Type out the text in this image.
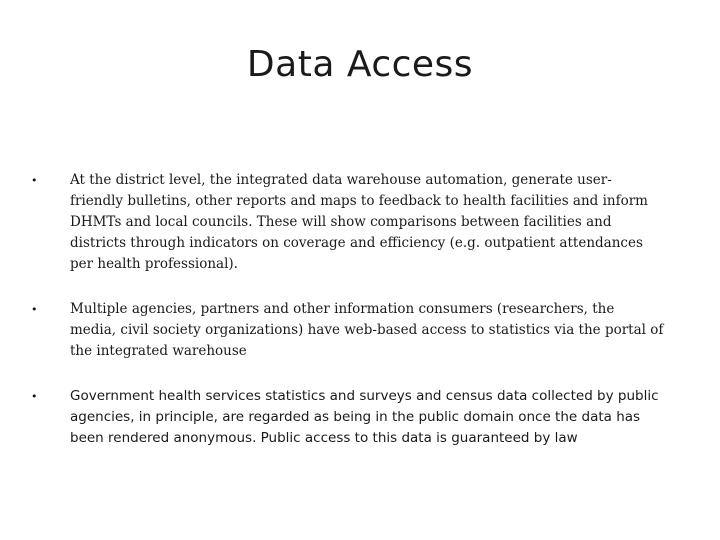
Data Access
• At the district level, the integrated data warehouse automation, generate user-friendly bulletins, other reports and maps to feedback to health facilities and inform DHMTs and local councils. These will show comparisons between facilities and districts through indicators on coverage and efficiency (e.g. outpatient attendances per health professional).
• Multiple agencies, partners and other information consumers (researchers, the media, civil society organizations) have web-based access to statistics via the portal of the integrated warehouse
• Government health services statistics and surveys and census data collected by public agencies, in principle, are regarded as being in the public domain once the data has been rendered anonymous. Public access to this data is guaranteed by law
